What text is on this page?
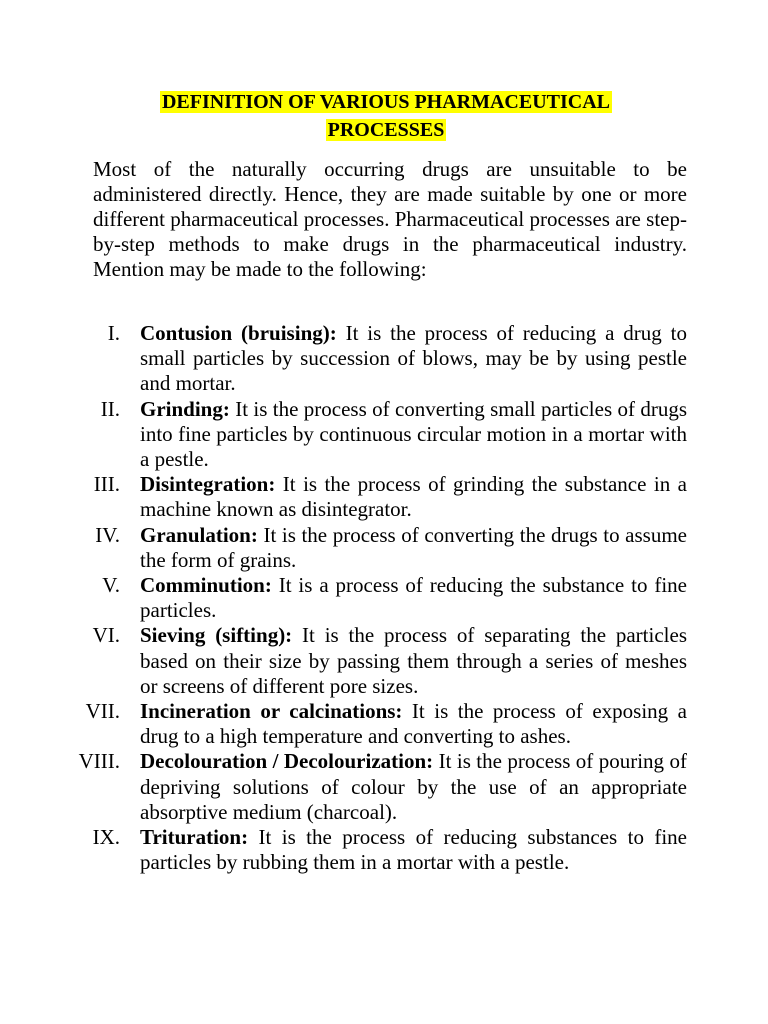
DEFINITION OF VARIOUS PHARMACEUTICAL
PROCESSES

Most of the naturally occurring drugs are unsuitable to be administered directly. Hence, they are made suitable by one or more different pharmaceutical processes. Pharmaceutical processes are step-by-step methods to make drugs in the pharmaceutical industry. Mention may be made to the following:

I. Contusion (bruising): It is the process of reducing a drug to small particles by succession of blows, may be by using pestle and mortar.
II. Grinding: It is the process of converting small particles of drugs into fine particles by continuous circular motion in a mortar with a pestle.
III. Disintegration: It is the process of grinding the substance in a machine known as disintegrator.
IV. Granulation: It is the process of converting the drugs to assume the form of grains.
V. Comminution: It is a process of reducing the substance to fine particles.
VI. Sieving (sifting): It is the process of separating the particles based on their size by passing them through a series of meshes or screens of different pore sizes.
VII. Incineration or calcinations: It is the process of exposing a drug to a high temperature and converting to ashes.
VIII. Decolouration / Decolourization: It is the process of pouring of depriving solutions of colour by the use of an appropriate absorptive medium (charcoal).
IX. Trituration: It is the process of reducing substances to fine particles by rubbing them in a mortar with a pestle.
